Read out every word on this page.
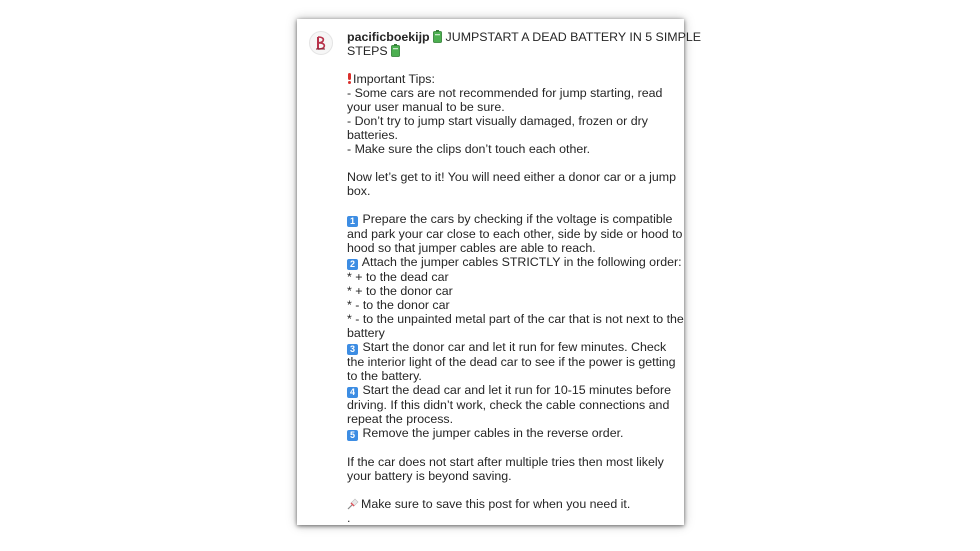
pacificboekijp JUMPSTART A DEAD BATTERY IN 5 SIMPLE
STEPS
Important Tips:
- Some cars are not recommended for jump starting, read
your user manual to be sure.
- Don’t try to jump start visually damaged, frozen or dry
batteries.
- Make sure the clips don’t touch each other.
Now let’s get to it! You will need either a donor car or a jump
box.
1 Prepare the cars by checking if the voltage is compatible
and park your car close to each other, side by side or hood to
hood so that jumper cables are able to reach.
2 Attach the jumper cables STRICTLY in the following order:
* + to the dead car
* + to the donor car
* - to the donor car
* - to the unpainted metal part of the car that is not next to the
battery
3 Start the donor car and let it run for few minutes. Check
the interior light of the dead car to see if the power is getting
to the battery.
4 Start the dead car and let it run for 10-15 minutes before
driving. If this didn’t work, check the cable connections and
repeat the process.
5 Remove the jumper cables in the reverse order.
If the car does not start after multiple tries then most likely
your battery is beyond saving.
Make sure to save this post for when you need it.
.
